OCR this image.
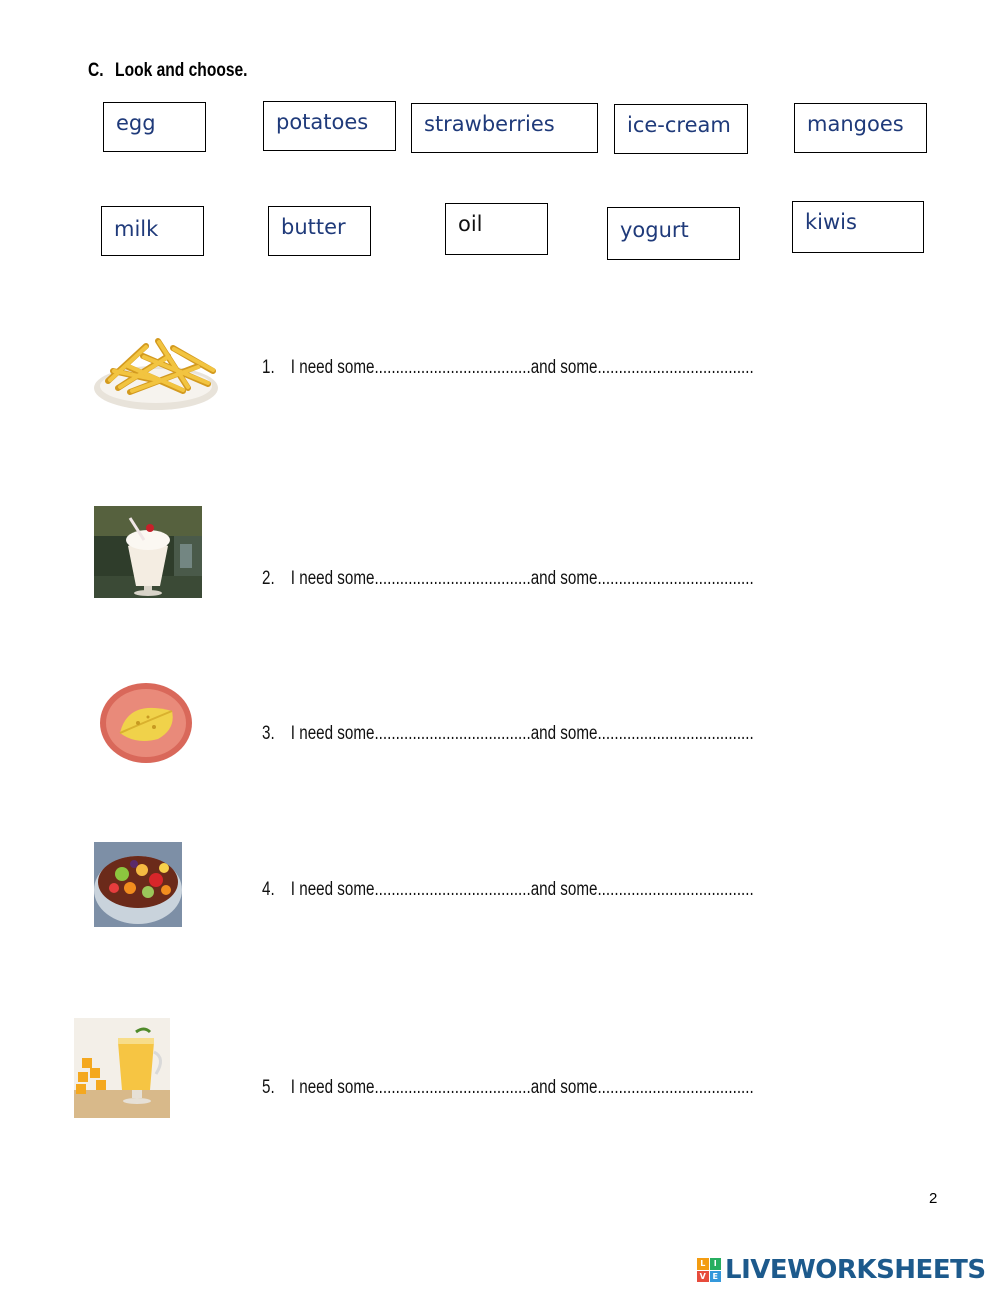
C. Look and choose.
egg	potatoes	strawberries	ice-cream	mangoes
milk	butter	oil	yogurt	kiwis
1. I need some.....................................and some.....................................
2. I need some.....................................and some.....................................
3. I need some.....................................and some.....................................
4. I need some.....................................and some.....................................
5. I need some.....................................and some.....................................
2
L	I
V E LIVEWORKSHEETS
